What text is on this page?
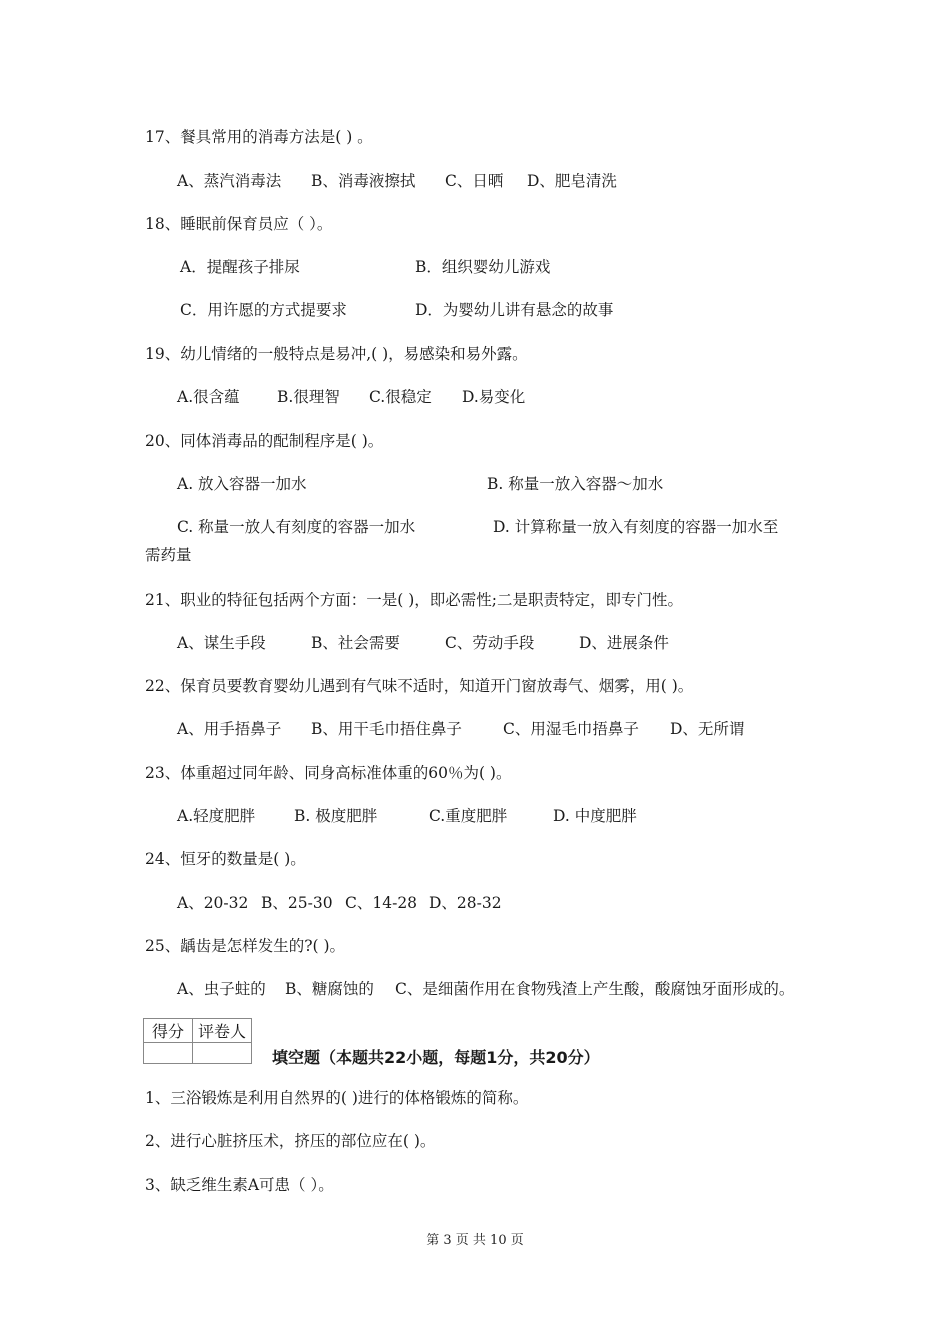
17、餐具常用的消毒方法是( ) 。
A、蒸汽消毒法 B、消毒液擦拭 C、日晒 D、肥皂清洗
18、睡眠前保育员应（ ）。
A．提醒孩子排尿	B．组织婴幼儿游戏
C．用许愿的方式提要求	D．为婴幼儿讲有悬念的故事
19、幼儿情绪的一般特点是易冲,( )，易感染和易外露。
A.很含蕴 B.很理智 C.很稳定 D.易变化
20、同体消毒品的配制程序是( )。
A. 放入容器一加水	B. 称量一放入容器～加水
C. 称量一放人有刻度的容器一加水	D. 计算称量一放入有刻度的容器一加水至
需药量
21、职业的特征包括两个方面：一是( )，即必需性;二是职责特定，即专门性。
A、谋生手段	B、社会需要	C、劳动手段	D、进展条件
22、保育员要教育婴幼儿遇到有气味不适时，知道开门窗放毒气、烟雾，用( )。
A、用手捂鼻子 B、用干毛巾捂住鼻子	C、用湿毛巾捂鼻子 D、无所谓
23、体重超过同年龄、同身高标准体重的60％为( )。
A.轻度肥胖	B. 极度肥胖	C.重度肥胖	D. 中度肥胖
24、恒牙的数量是( )。
A、20-32 B、25-30 C、14-28 D、28-32
25、龋齿是怎样发生的?( )。
A、虫子蛀的 B、糖腐蚀的 C、是细菌作用在食物残渣上产生酸，酸腐蚀牙面形成的。
得分	评卷人

填空题（本题共22小题，每题1分，共20分）
1、三浴锻炼是利用自然界的( )进行的体格锻炼的简称。
2、进行心脏挤压术，挤压的部位应在( )。
3、缺乏维生素A可患（ ）。
第 3 页 共 10 页
